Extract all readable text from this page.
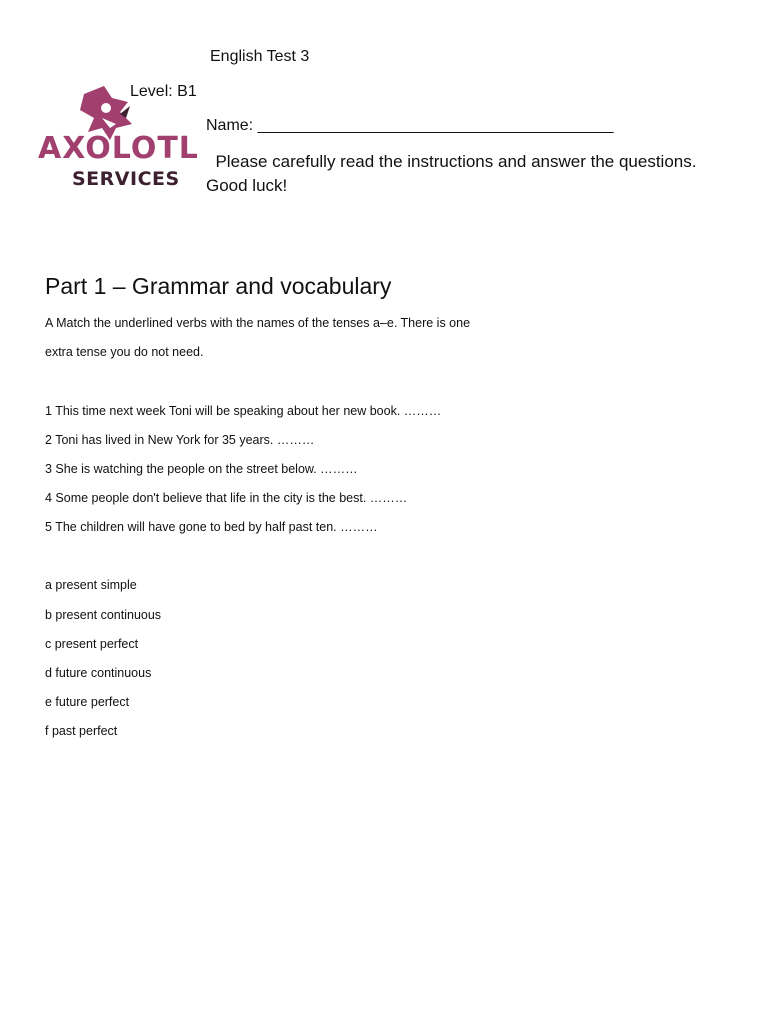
English Test 3
Level: B1
AXOLOTL
SERVICES
Name: ________________________________________
Please carefully read the instructions and answer the questions. Good luck!
Part 1 – Grammar and vocabulary
A Match the underlined verbs with the names of the tenses a–e. There is one
extra tense you do not need.
1 This time next week Toni will be speaking about her new book. ………
2 Toni has lived in New York for 35 years. ………
3 She is watching the people on the street below. ………
4 Some people don't believe that life in the city is the best. ………
5 The children will have gone to bed by half past ten. ………
a present simple
b present continuous
c present perfect
d future continuous
e future perfect
f past perfect
